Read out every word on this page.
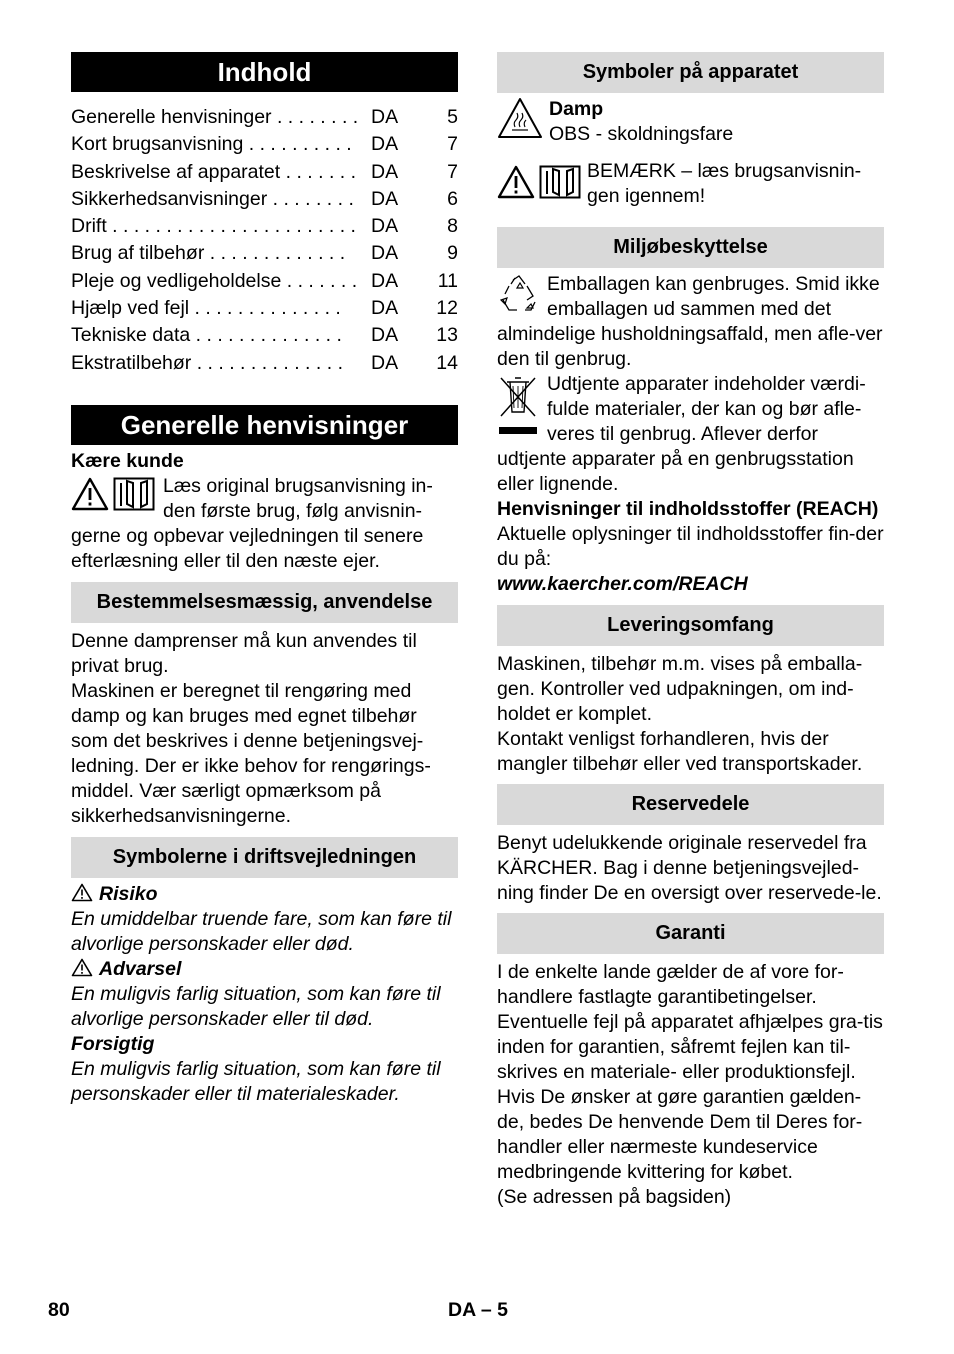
Indhold
Generelle henvisninger . . . . . . . . DA	5
Kort brugsanvisning . . . . . . . . . . DA	7
Beskrivelse af apparatet . . . . . . . DA	7
Sikkerhedsanvisninger . . . . . . . . DA	6
Drift . . . . . . . . . . . . . . . . . . . . . . . DA	8
Brug af tilbehør . . . . . . . . . . . . .	DA	9
Pleje og vedligeholdelse . . . . . . . DA	11
Hjælp ved fejl . . . . . . . . . . . . . .	DA	12
Tekniske data . . . . . . . . . . . . . .	DA	13
Ekstratilbehør . . . . . . . . . . . . . .	DA	14
Generelle henvisninger

Kære kunde

Læs original brugsanvisning in-den første brug, følg anvisnin-gerne og opbevar vejledningen til senere efterlæsning eller til den næste ejer.

Bestemmelsesmæssig, anvendelse

Denne damprenser må kun anvendes til privat brug.

Maskinen er beregnet til rengøring med damp og kan bruges med egnet tilbehør som det beskrives i denne betjeningsvej-ledning. Der er ikke behov for rengørings-middel. Vær særligt opmærksom på sikkerhedsanvisningerne.

Symbolerne i driftsvejledningen

Risiko

En umiddelbar truende fare, som kan føre til alvorlige personskader eller død.

Advarsel

En muligvis farlig situation, som kan føre til alvorlige personskader eller til død.

Forsigtig

En muligvis farlig situation, som kan føre til personskader eller til materialeskader.

Symboler på apparatet

Damp

OBS - skoldningsfare

BEMÆRK – læs brugsanvisnin-gen igennem!

Miljøbeskyttelse

Emballagen kan genbruges. Smid ikke emballagen ud sammen med det almindelige husholdningsaffald, men afle-ver den til genbrug.

Udtjente apparater indeholder værdi-fulde materialer, der kan og bør afle-veres til genbrug. Aflever derfor udtjente apparater på en genbrugsstation eller lignende.

Henvisninger til indholdsstoffer (REACH)

Aktuelle oplysninger til indholdsstoffer fin-der du på:

www.kaercher.com/REACH

Leveringsomfang

Maskinen, tilbehør m.m. vises på emballa-gen. Kontroller ved udpakningen, om ind-holdet er komplet.

Kontakt venligst forhandleren, hvis der mangler tilbehør eller ved transportskader.

Reservedele

Benyt udelukkende originale reservedel fra KÄRCHER. Bag i denne betjeningsvejled-ning finder De en oversigt over reservede-le.

Garanti

I de enkelte lande gælder de af vore for-handlere fastlagte garantibetingelser. Eventuelle fejl på apparatet afhjælpes gra-tis inden for garantien, såfremt fejlen kan til-skrives en materiale- eller produktionsfejl. Hvis De ønsker at gøre garantien gælden-de, bedes De henvende Dem til Deres for-handler eller nærmeste kundeservice medbringende kvittering for købet.

(Se adressen på bagsiden)

80	DA – 5
